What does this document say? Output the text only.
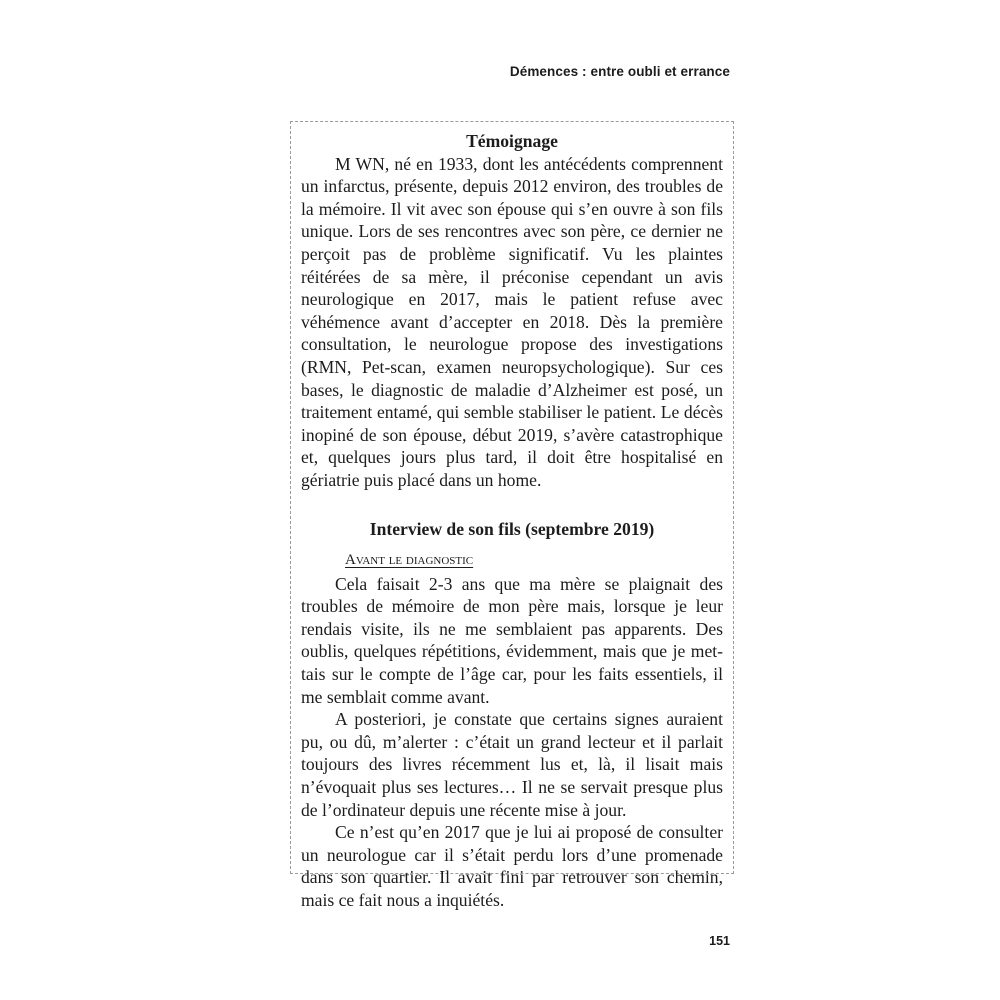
Démences : entre oubli et errance
Témoignage

M WN, né en 1933, dont les antécédents comprennent un infarctus, présente, depuis 2012 environ, des troubles de la mémoire. Il vit avec son épouse qui s’en ouvre à son fils unique. Lors de ses rencontres avec son père, ce dernier ne perçoit pas de problème significatif. Vu les plaintes réitérées de sa mère, il préconise cependant un avis neurologique en 2017, mais le patient refuse avec véhémence avant d’accepter en 2018. Dès la première consultation, le neurologue propose des investigations (RMN, Pet-scan, examen neuropsychologique). Sur ces bases, le diagnostic de maladie d’Alzheimer est posé, un traitement entamé, qui semble stabiliser le patient. Le décès inopiné de son épouse, début 2019, s’avère catastrophique et, quelques jours plus tard, il doit être hospitalisé en gériatrie puis placé dans un home.

Interview de son fils (septembre 2019)
Avant le diagnostic

Cela faisait 2-3 ans que ma mère se plaignait des troubles de mémoire de mon père mais, lorsque je leur rendais visite, ils ne me semblaient pas apparents. Des oublis, quelques répétitions, évidemment, mais que je mettais sur le compte de l’âge car, pour les faits essentiels, il me semblait comme avant.

A posteriori, je constate que certains signes auraient pu, ou dû, m’alerter : c’était un grand lecteur et il parlait toujours des livres récemment lus et, là, il lisait mais n’évoquait plus ses lectures… Il ne se servait presque plus de l’ordinateur depuis une récente mise à jour.

Ce n’est qu’en 2017 que je lui ai proposé de consulter un neurologue car il s’était perdu lors d’une promenade dans son quartier. Il avait fini par retrouver son chemin, mais ce fait nous a inquiétés.

151
